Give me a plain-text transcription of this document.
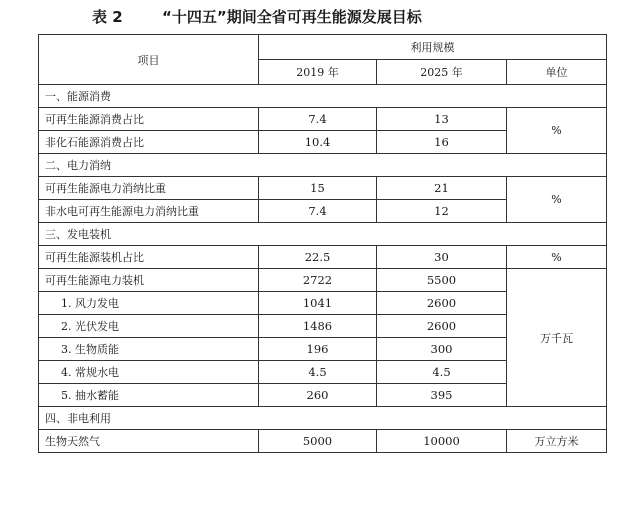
表 2	“十四五”期间全省可再生能源发展目标
项目	利用规模		
	2019 年	2025 年	单位
一、能源消费			
可再生能源消费占比	7.4	13	%
非化石能源消费占比	10.4	16	
二、电力消纳			
可再生能源电力消纳比重	15	21	%
非水电可再生能源电力消纳比重	7.4	12	
三、发电装机			
可再生能源装机占比	22.5	30	%
可再生能源电力装机	2722	5500	万千瓦
1. 风力发电	1041	2600	
2. 光伏发电	1486	2600	
3. 生物质能	196	300	
4. 常规水电	4.5	4.5	
5. 抽水蓄能	260	395	
四、非电利用			
生物天然气	5000	10000	万立方米
